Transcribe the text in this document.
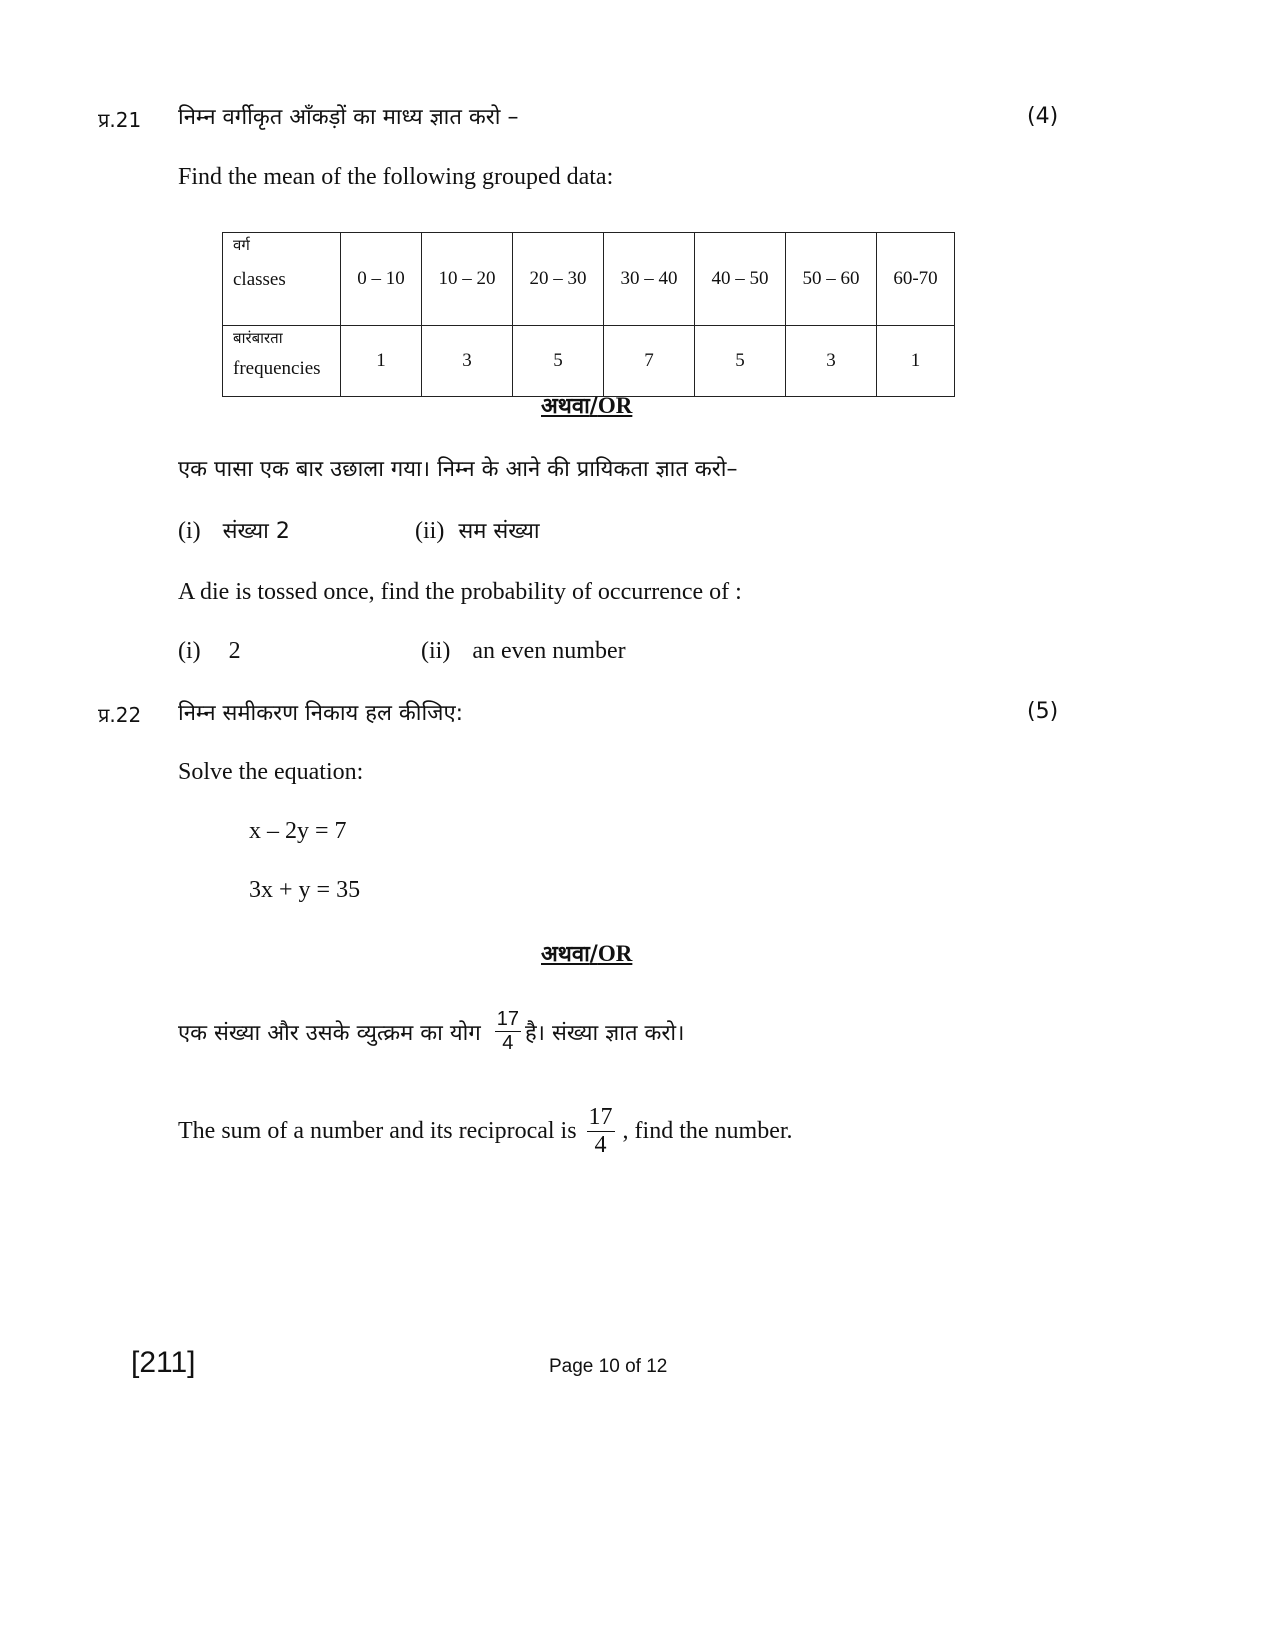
प्र.21 निम्न वर्गीकृत आँकड़ों का माध्य ज्ञात करो –	(4)
Find the mean of the following grouped data:
वर्ग
classes	0 – 10	10 – 20	20 – 30	30 – 40	40 – 50	50 – 60	60-70

बारंबारता
frequencies	1	3	5	7	5	3	1
अथवा/OR
एक पासा एक बार उछाला गया। निम्न के आने की प्रायिकता ज्ञात करो–
(i) संख्या 2	(ii) सम संख्या
A die is tossed once, find the probability of occurrence of :
(i) 2	(ii) an even number
प्र.22 निम्न समीकरण निकाय हल कीजिए:	(5)
Solve the equation:
x – 2y = 7
3x + y = 35
अथवा/OR
एक संख्या और उसके व्युत्क्रम का योग $\frac{17}{4}$ है। संख्या ज्ञात करो।
The sum of a number and its reciprocal is $\frac{17}{4}$ , find the number.
[211]	Page 10 of 12
